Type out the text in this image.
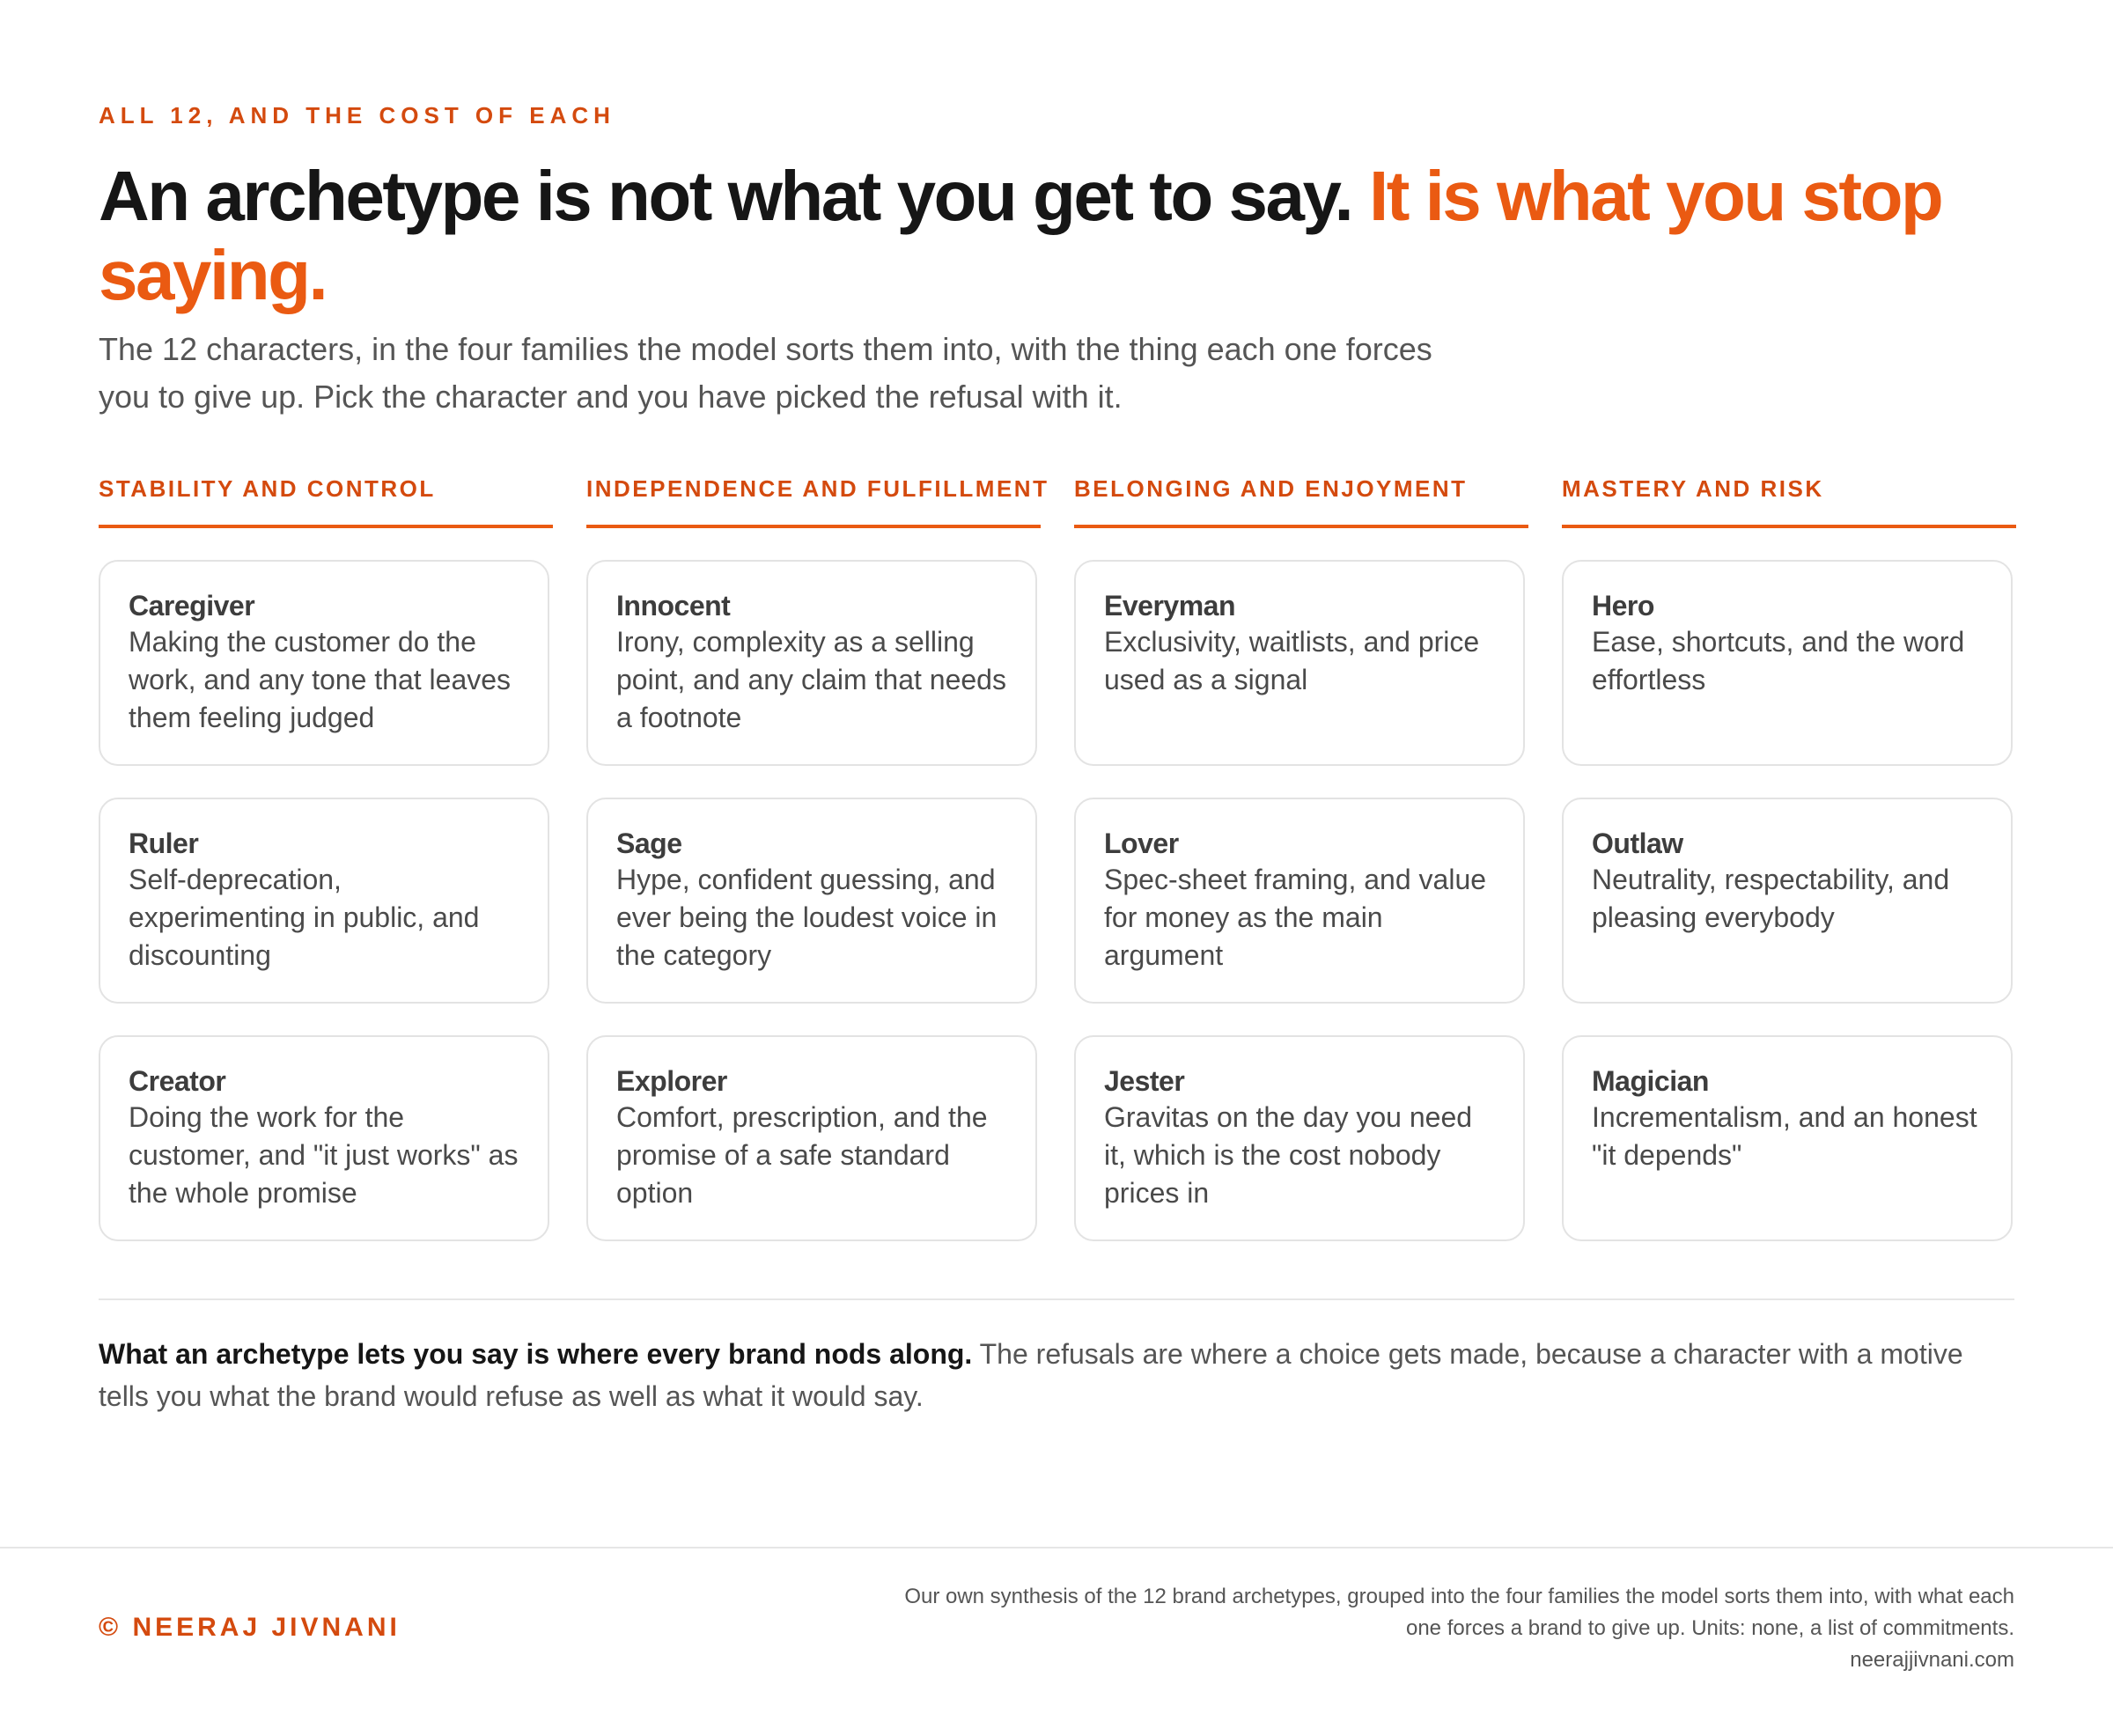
ALL 12, AND THE COST OF EACH
An archetype is not what you get to say. It is what you stop saying.

The 12 characters, in the four families the model sorts them into, with the thing each one forces you to give up. Pick the character and you have picked the refusal with it.

STABILITY AND CONTROL
Caregiver
Making the customer do the work, and any tone that leaves them feeling judged
Ruler
Self-deprecation, experimenting in public, and discounting
Creator
Doing the work for the customer, and "it just works" as the whole promise
INDEPENDENCE AND FULFILLMENT
Innocent
Irony, complexity as a selling point, and any claim that needs a footnote
Sage
Hype, confident guessing, and ever being the loudest voice in the category
Explorer
Comfort, prescription, and the promise of a safe standard option
BELONGING AND ENJOYMENT
Everyman
Exclusivity, waitlists, and price used as a signal
Lover
Spec-sheet framing, and value for money as the main argument
Jester
Gravitas on the day you need it, which is the cost nobody prices in
MASTERY AND RISK
Hero
Ease, shortcuts, and the word effortless
Outlaw
Neutrality, respectability, and pleasing everybody
Magician
Incrementalism, and an honest "it depends"

What an archetype lets you say is where every brand nods along. The refusals are where a choice gets made, because a character with a motive tells you what the brand would refuse as well as what it would say.

© NEERAJ JIVNANI
Our own synthesis of the 12 brand archetypes, grouped into the four families the model sorts them into, with what each
one forces a brand to give up. Units: none, a list of commitments.
neerajjivnani.com
